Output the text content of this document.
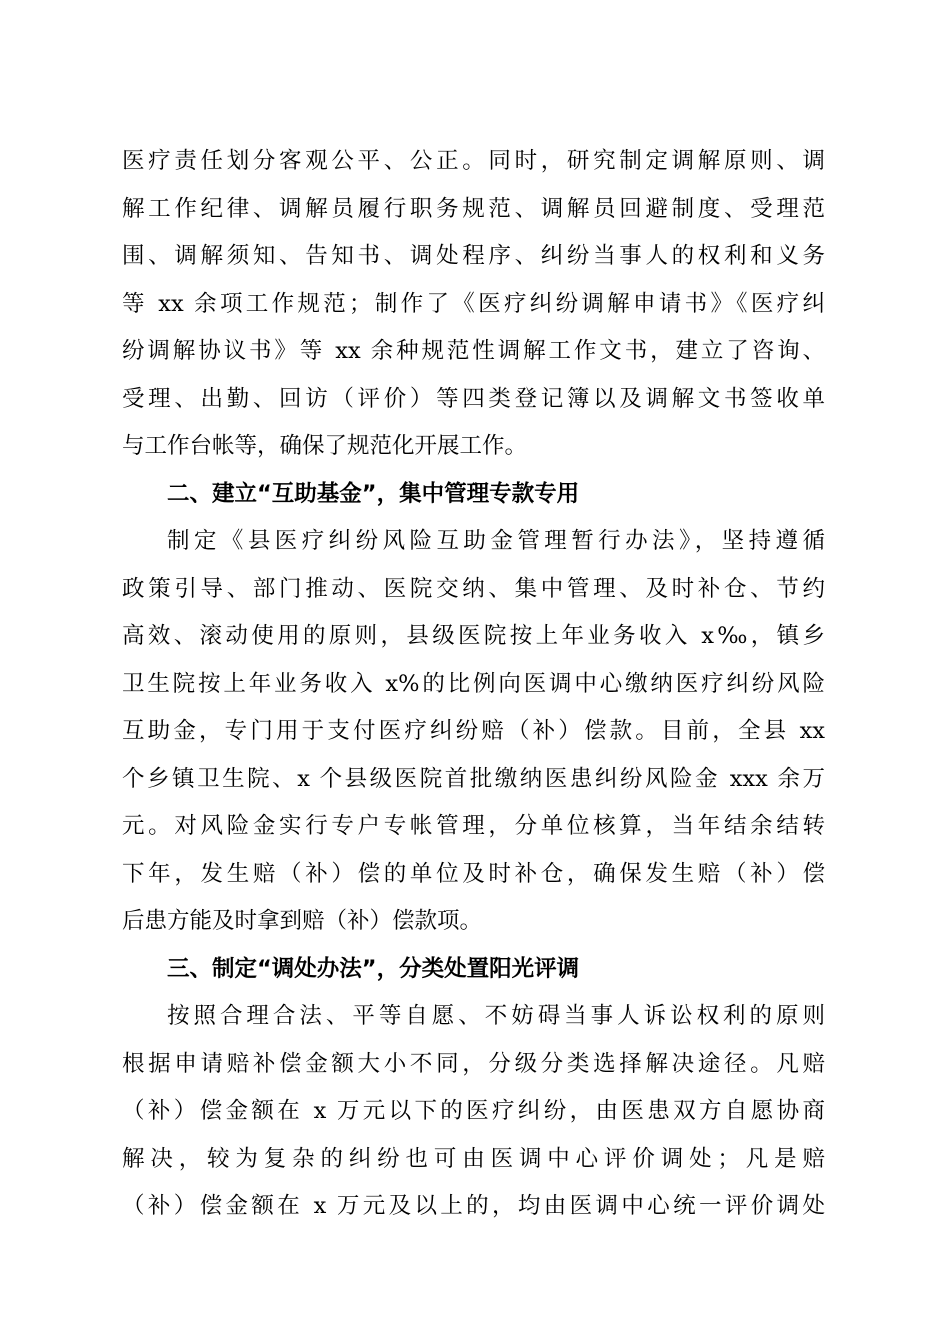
医疗责任划分客观公平、公正。同时，研究制定调解原则、调
解工作纪律、调解员履行职务规范、调解员回避制度、受理范
围、调解须知、告知书、调处程序、纠纷当事人的权利和义务
等 xx 余项工作规范；制作了《医疗纠纷调解申请书》《医疗纠
纷调解协议书》等 xx 余种规范性调解工作文书，建立了咨询、
受理、出勤、回访（评价）等四类登记簿以及调解文书签收单
与工作台帐等，确保了规范化开展工作。
二、建立“互助基金”，集中管理专款专用
制定《县医疗纠纷风险互助金管理暂行办法》，坚持遵循
政策引导、部门推动、医院交纳、集中管理、及时补仓、节约
高效、滚动使用的原则，县级医院按上年业务收入 x‰，镇乡
卫生院按上年业务收入 x%的比例向医调中心缴纳医疗纠纷风险
互助金，专门用于支付医疗纠纷赔（补）偿款。目前，全县 xx
个乡镇卫生院、x 个县级医院首批缴纳医患纠纷风险金 xxx 余万
元。对风险金实行专户专帐管理，分单位核算，当年结余结转
下年，发生赔（补）偿的单位及时补仓，确保发生赔（补）偿
后患方能及时拿到赔（补）偿款项。
三、制定“调处办法”，分类处置阳光评调
按照合理合法、平等自愿、不妨碍当事人诉讼权利的原则
根据申请赔补偿金额大小不同，分级分类选择解决途径。凡赔
（补）偿金额在 x 万元以下的医疗纠纷，由医患双方自愿协商
解决，较为复杂的纠纷也可由医调中心评价调处；凡是赔
（补）偿金额在 x 万元及以上的，均由医调中心统一评价调处
